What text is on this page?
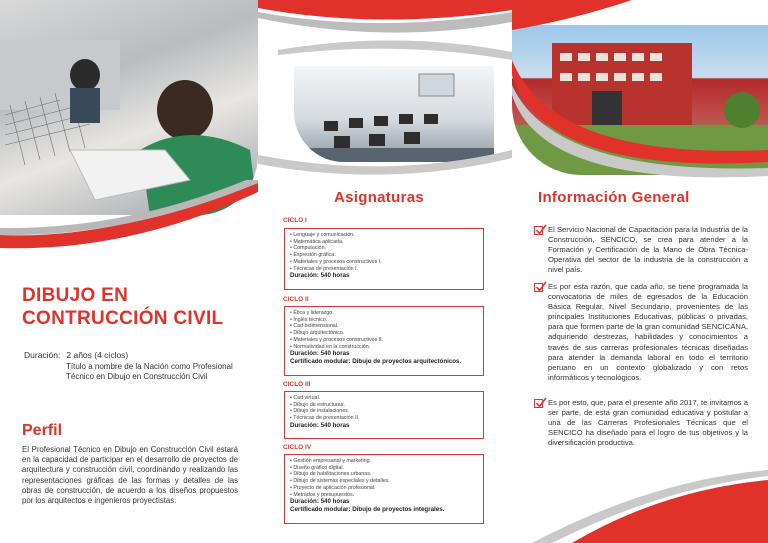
DIBUJO EN CONTRUCCIÓN CIVIL
Duración: 2 años (4 ciclos)
Título a nombre de la Nación como Profesional Técnico en Dibujo en Construcción Civil
Perfil
El Profesional Técnico en Dibujo en Construcción Civil estará en la capacidad de participar en el desarrollo de proyectos de arquitectura y construcción civil, coordinando y realizando las representaciones gráficas de las formas y detalles de las obras de construcción, de acuerdo a los diseños propuestos por los arquitectos e ingenieros proyectistas.
Asignaturas
CICLO I
• Lenguaje y comunicación.
• Matemática aplicada.
• Computación.
• Expresión gráfica.
• Materiales y procesos constructivos I.
• Técnicas de presentación I.
Duración: 540 horas
CICLO II
• Ética y liderazgo.
• Inglés técnico.
• Cad bidimensional.
• Dibujo arquitectónico.
• Materiales y procesos constructivos II.
• Normatividad en la construcción.
Duración: 540 horas
Certificado modular: Dibujo de proyectos arquitectónicos.
CICLO III
• Cad virtual.
• Dibujo de estructuras.
• Dibujo de instalaciones.
• Técnicas de presentación II.
Duración: 540 horas
CICLO IV
• Gestión empresarial y marketing.
• Diseño gráfico digital.
• Dibujo de habilitaciones urbanas.
• Dibujo de sistemas especiales y detalles.
• Proyecto de aplicación profesional.
• Metrados y presupuestos.
Duración: 540 horas
Certificado modular: Dibujo de proyectos integrales.
Información General

El Servicio Nacional de Capacitación para la Industria de la Construcción, SENCICO, se crea para atender a la Formación y Certificación de la Mano de Obra Técnica-Operativa del sector de la industria de la construcción a nivel país.

Es por esta razón, que cada año, se tiene programada la convocatoria de miles de egresados de la Educación Básica Regular, Nivel Secundario, provenientes de las principales Instituciones Educativas, públicas o privadas, para que formen parte de la gran comunidad SENCICANA, adquiriendo destrezas, habilidades y conocimientos a través de sus carreras profesionales técnicas diseñadas para atender la demanda laboral en todo el territorio peruano en un contexto globalizado y con retos informáticos y tecnológicos.

Es por esto, que, para el presente año 2017, te invitamos a ser parte, de esta gran comunidad educativa y postular a una de las Carreras Profesionales Técnicas que el SENCICO ha diseñado para el logro de tus objetivos y la diversificación productiva.
